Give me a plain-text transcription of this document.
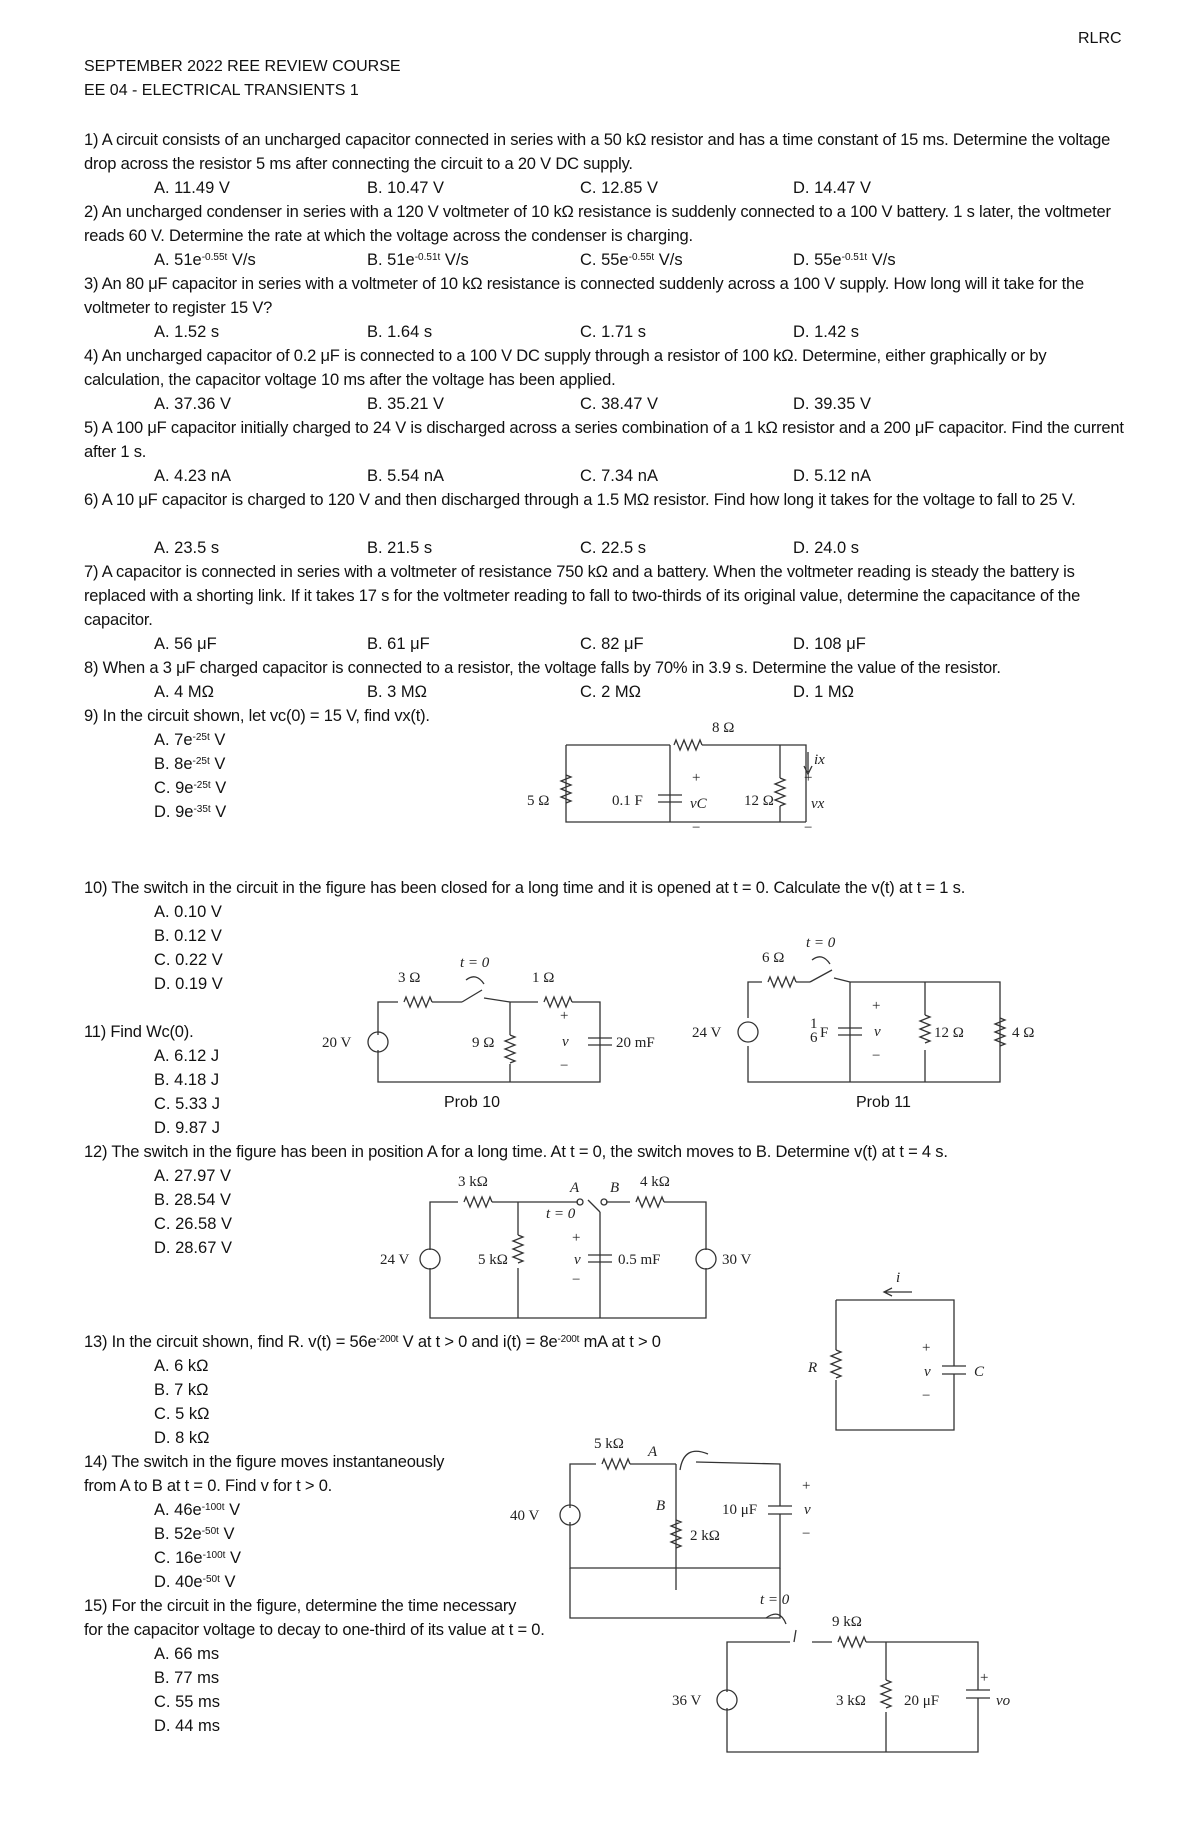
RLRC
SEPTEMBER 2022 REE REVIEW COURSE
EE 04 - ELECTRICAL TRANSIENTS 1
1) A circuit consists of an uncharged capacitor connected in series with a 50 kΩ resistor and has a time constant of 15 ms. Determine the voltage drop across the resistor 5 ms after connecting the circuit to a 20 V DC supply.
A. 11.49 V	B. 10.47 V	C. 12.85 V	D. 14.47 V
2) An uncharged condenser in series with a 120 V voltmeter of 10 kΩ resistance is suddenly connected to a 100 V battery. 1 s later, the voltmeter reads 60 V. Determine the rate at which the voltage across the condenser is charging.
A. $51e^{-0.55t}$ V/s	B. $51e^{-0.51t}$ V/s	C. $55e^{-0.55t}$ V/s	D. $55e^{-0.51t}$ V/s
3) An 80 μF capacitor in series with a voltmeter of 10 kΩ resistance is connected suddenly across a 100 V supply. How long will it take for the voltmeter to register 15 V?
A. 1.52 s	B. 1.64 s	C. 1.71 s	D. 1.42 s
4) An uncharged capacitor of 0.2 μF is connected to a 100 V DC supply through a resistor of 100 kΩ. Determine, either graphically or by calculation, the capacitor voltage 10 ms after the voltage has been applied.
A. 37.36 V	B. 35.21 V	C. 38.47 V	D. 39.35 V
5) A 100 μF capacitor initially charged to 24 V is discharged across a series combination of a 1 kΩ resistor and a 200 μF capacitor. Find the current after 1 s.
A. 4.23 nA	B. 5.54 nA	C. 7.34 nA	D. 5.12 nA
6) A 10 μF capacitor is charged to 120 V and then discharged through a 1.5 MΩ resistor. Find how long it takes for the voltage to fall to 25 V.
A. 23.5 s	B. 21.5 s	C. 22.5 s	D. 24.0 s
7) A capacitor is connected in series with a voltmeter of resistance 750 kΩ and a battery. When the voltmeter reading is steady the battery is replaced with a shorting link. If it takes 17 s for the voltmeter reading to fall to two-thirds of its original value, determine the capacitance of the capacitor.
A. 56 μF	B. 61 μF	C. 82 μF	D. 108 μF
8) When a 3 μF charged capacitor is connected to a resistor, the voltage falls by 70% in 3.9 s. Determine the value of the resistor.
A. 4 MΩ	B. 3 MΩ	C. 2 MΩ	D. 1 MΩ
9) In the circuit shown, let vc(0) = 15 V, find vx(t).
A. $7e^{-25t}$ V
B. $8e^{-25t}$ V
C. $9e^{-25t}$ V
D. $9e^{-35t}$ V
8 Ω
5 Ω	0.1 F
+
vC
−
12 Ω
ix
+
vx
−
10) The switch in the circuit in the figure has been closed for a long time and it is opened at t = 0. Calculate the v(t) at t = 1 s.
A. 0.10 V
B. 0.12 V
C. 0.22 V
D. 0.19 V
11) Find Wc(0).
A. 6.12 J
B. 4.18 J
C. 5.33 J
D. 9.87 J
3 Ω
t = 0
1 Ω
20 V	9 Ω	20 mF
+
v
−
Prob 10
6 Ω
t = 0
24 V
1
6 F
+
v
−
12 Ω	4 Ω
Prob 11
12) The switch in the figure has been in position A for a long time. At t = 0, the switch moves to B. Determine v(t) at t = 4 s.
A. 27.97 V
B. 28.54 V
C. 26.58 V
D. 28.67 V
3 kΩ	A B
t = 0
4 kΩ
24 V	5 kΩ	0.5 mF
+
v
−
30 V
13) In the circuit shown, find R. $v(t) = 56e^{-200t}$ V at t > 0 and $i(t) = 8e^{-200t}$ mA at t > 0
A. 6 kΩ
B. 7 kΩ
C. 5 kΩ
D. 8 kΩ
i
R	C
+
v
−
14) The switch in the figure moves instantaneously
from A to B at t = 0. Find v for t > 0.
A. $46e^{-100t}$ V
B. $52e^{-50t}$ V
C. $16e^{-100t}$ V
D. $40e^{-50t}$ V
5 kΩ A
B
40 V
2 kΩ
10 μF
+
v
−
15) For the circuit in the figure, determine the time necessary
for the capacitor voltage to decay to one-third of its value at t = 0.
A. 66 ms
B. 77 ms
C. 55 ms
D. 44 ms
t = 0
9 kΩ
36 V	3 kΩ	20 μF
+
vo
